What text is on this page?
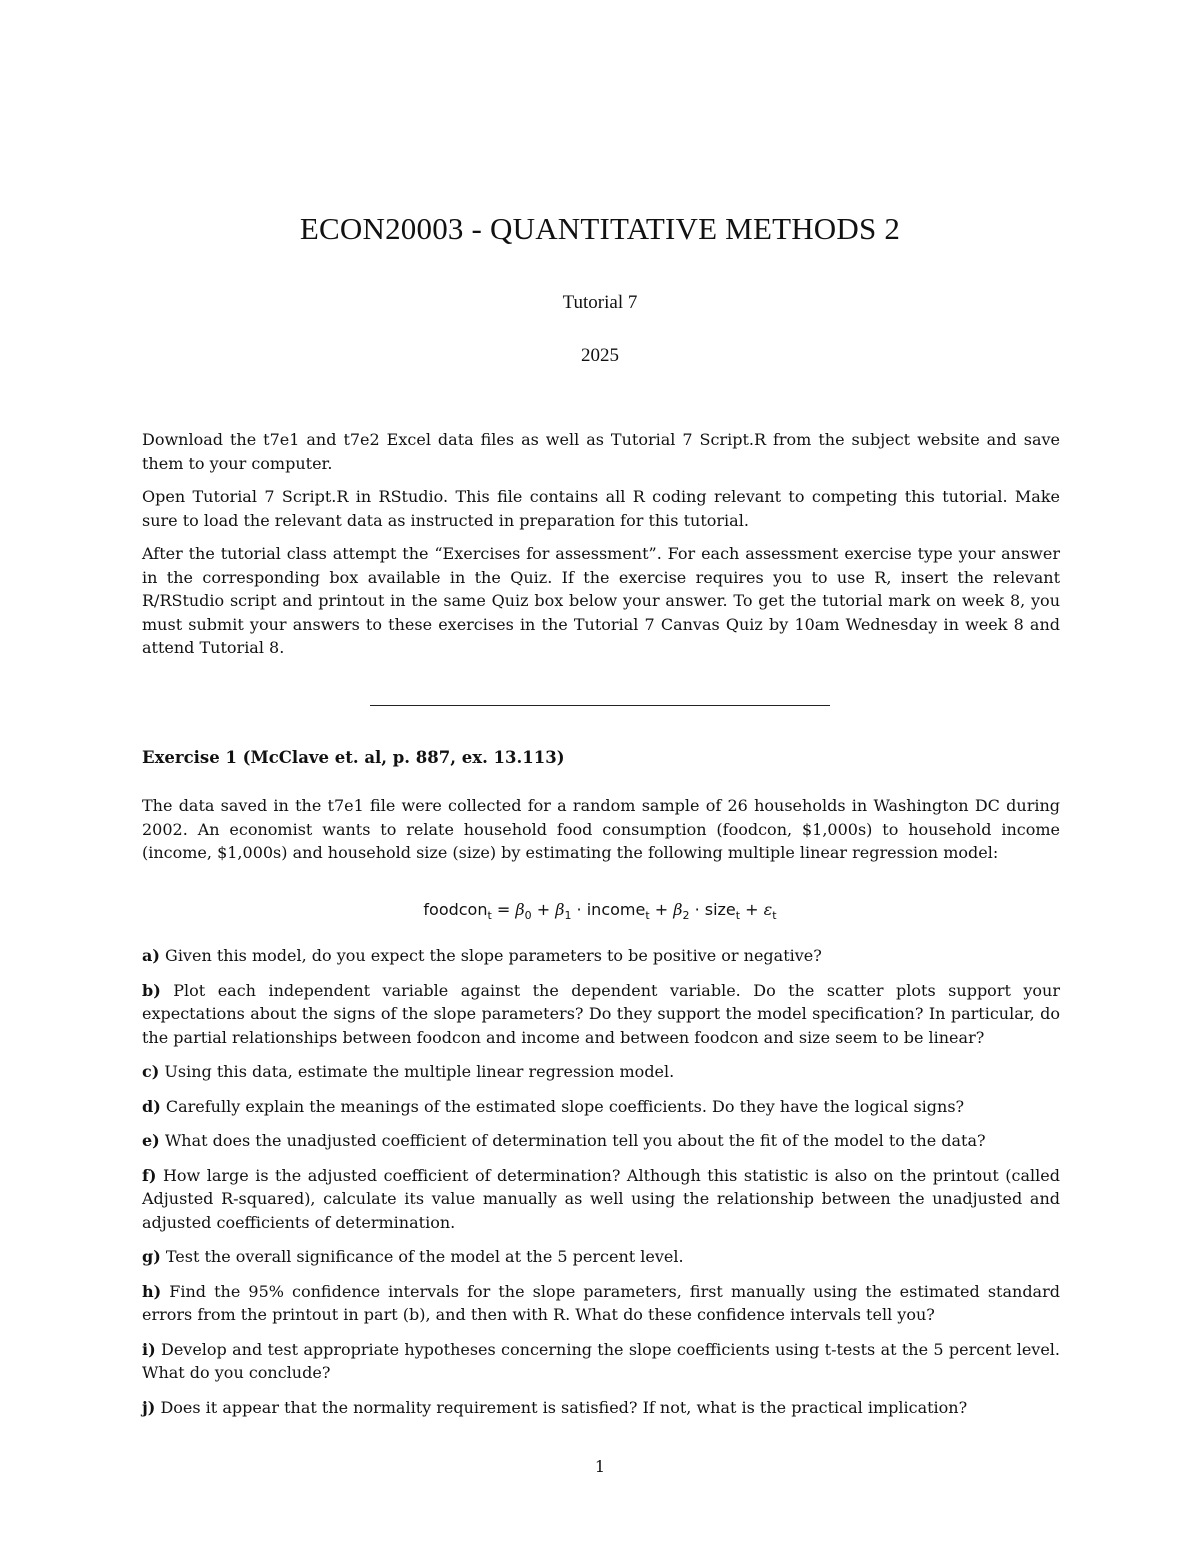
ECON20003 - QUANTITATIVE METHODS 2
Tutorial 7
2025

Download the t7e1 and t7e2 Excel data files as well as Tutorial 7 Script.R from the subject website and save them to your computer.

Open Tutorial 7 Script.R in RStudio. This file contains all R coding relevant to competing this tutorial. Make sure to load the relevant data as instructed in preparation for this tutorial.

After the tutorial class attempt the “Exercises for assessment”. For each assessment exercise type your answer in the corresponding box available in the Quiz. If the exercise requires you to use R, insert the relevant R/RStudio script and printout in the same Quiz box below your answer. To get the tutorial mark on week 8, you must submit your answers to these exercises in the Tutorial 7 Canvas Quiz by 10am Wednesday in week 8 and attend Tutorial 8.

Exercise 1 (McClave et. al, p. 887, ex. 13.113)

The data saved in the t7e1 file were collected for a random sample of 26 households in Washington DC during 2002. An economist wants to relate household food consumption (foodcon, $1,000s) to household income (income, $1,000s) and household size (size) by estimating the following multiple linear regression model:

foodcon$_t$ = $\beta_0 + \beta_1$ · income$_t$ + $\beta_2$ · size$_t$ + $\varepsilon_t$

a) Given this model, do you expect the slope parameters to be positive or negative?

b) Plot each independent variable against the dependent variable. Do the scatter plots support your expectations about the signs of the slope parameters? Do they support the model specification? In particular, do the partial relationships between foodcon and income and between foodcon and size seem to be linear?

c) Using this data, estimate the multiple linear regression model.

d) Carefully explain the meanings of the estimated slope coefficients. Do they have the logical signs?

e) What does the unadjusted coefficient of determination tell you about the fit of the model to the data?

f) How large is the adjusted coefficient of determination? Although this statistic is also on the printout (called Adjusted R-squared), calculate its value manually as well using the relationship between the unadjusted and adjusted coefficients of determination.

g) Test the overall significance of the model at the 5 percent level.

h) Find the 95% confidence intervals for the slope parameters, first manually using the estimated standard errors from the printout in part (b), and then with R. What do these confidence intervals tell you?

i) Develop and test appropriate hypotheses concerning the slope coefficients using t-tests at the 5 percent level. What do you conclude?

j) Does it appear that the normality requirement is satisfied? If not, what is the practical implication?

1
